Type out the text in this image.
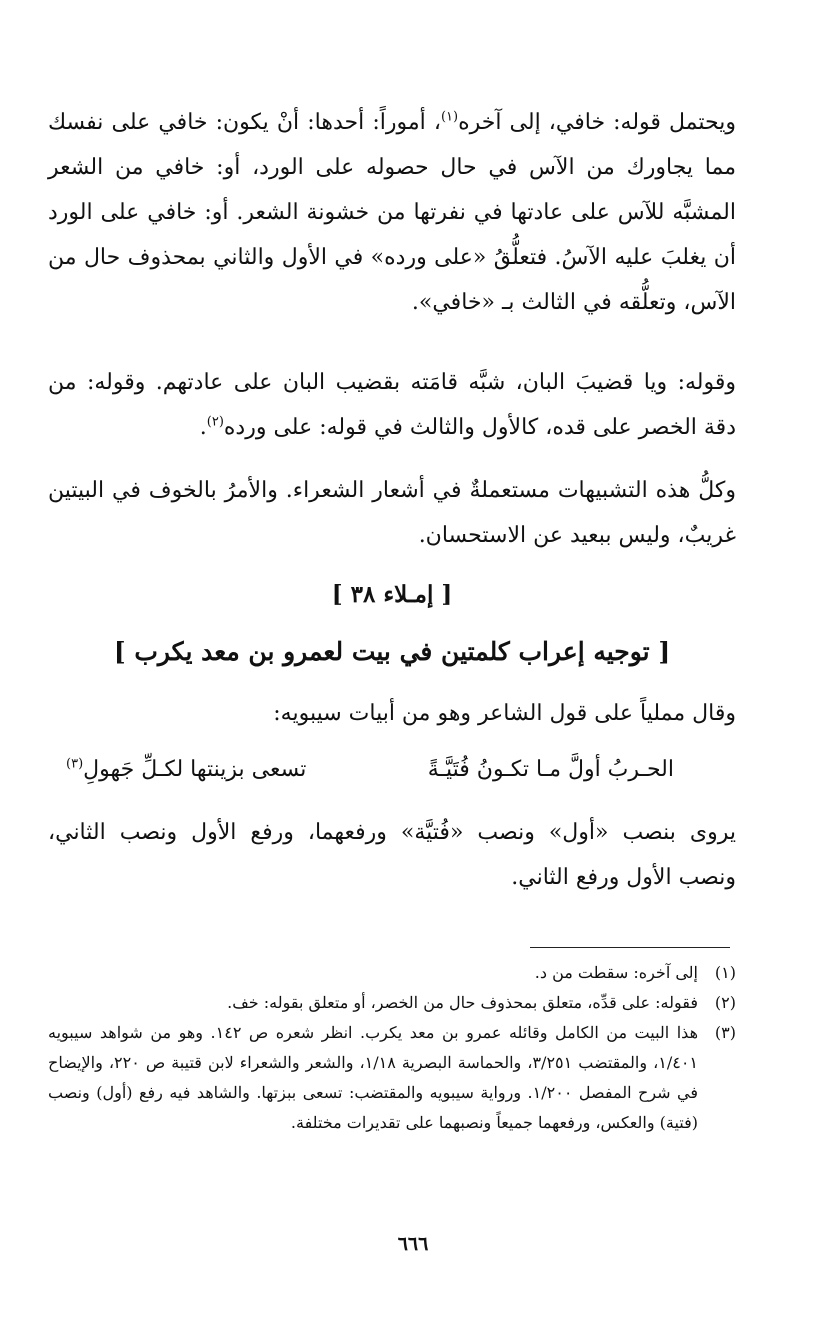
ويحتمل قوله: خافي، إلى آخره$^{(١)}$، أموراً: أحدها: أنْ يكون: خافي على نفسك مما يجاورك من الآس في حال حصوله على الورد، أو: خافي من الشعر المشبَّه للآس على عادتها في نفرتها من خشونة الشعر. أو: خافي على الورد أن يغلبَ عليه الآسُ. فتعلُّقُ «على ورده» في الأول والثاني بمحذوف حال من الآس، وتعلُّقه في الثالث بـ «خافي».

وقوله: ويا قضيبَ البان، شبَّه قامَته بقضيب البان على عادتهم. وقوله: من دقة الخصر على قده، كالأول والثالث في قوله: على ورده$^{(٢)}$.

وكلُّ هذه التشبيهات مستعملةٌ في أشعار الشعراء. والأمرُ بالخوف في البيتين غريبٌ، وليس ببعيد عن الاستحسان.

[ إمـلاء ٣٨ ]
[ توجيه إعراب كلمتين في بيت لعمرو بن معد يكرب ]

وقال مملياً على قول الشاعر وهو من أبيات سيبويه:

الحـربُ أولَّ مـا تكـونُ فُتَيَّـةً
تسعى بزينتها لكـلِّ جَهولِ$^{(٣)}$

يروى بنصب «أول» ونصب «فُتيَّة» ورفعهما، ورفع الأول ونصب الثاني، ونصب الأول ورفع الثاني.

(١)
إلى آخره: سقطت من د.

(٢)
فقوله: على قدِّه، متعلق بمحذوف حال من الخصر، أو متعلق بقوله: خف.

(٣)
هذا البيت من الكامل وقائله عمرو بن معد يكرب. انظر شعره ص ١٤٢. وهو من شواهد سيبويه ١/٤٠١، والمقتضب ٣/٢٥١، والحماسة البصرية ١/١٨، والشعر والشعراء لابن قتيبة ص ٢٢٠، والإيضاح في شرح المفصل ١/٢٠٠. ورواية سيبويه والمقتضب: تسعى ببزتها. والشاهد فيه رفع (أول) ونصب (فتية) والعكس، ورفعهما جميعاً ونصبهما على تقديرات مختلفة.

٦٦٦
